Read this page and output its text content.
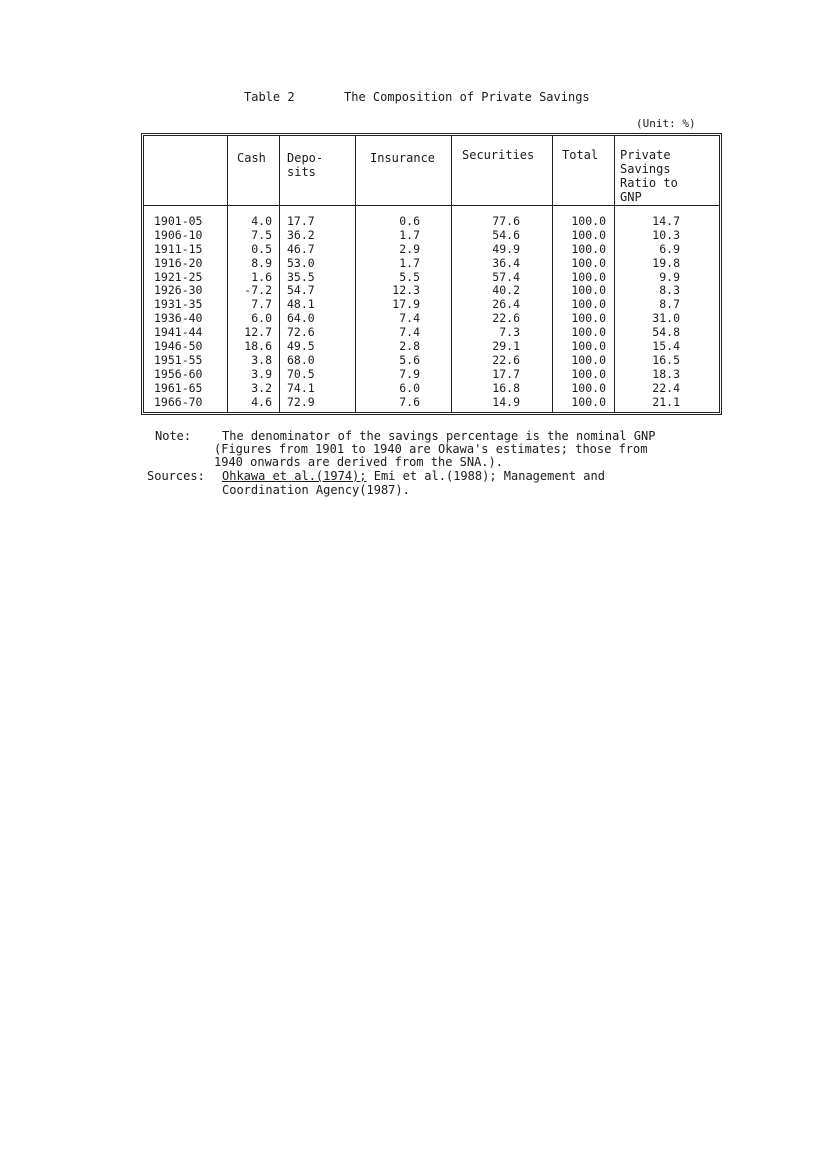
Table 2	The Composition of Private Savings
(Unit: %)
Cash Depo-
sits
Insurance Securities Total Private
Savings
Ratio to
GNP
1901-05
1906-10
1911-15
1916-20
1921-25
1926-30
1931-35
1936-40
1941-44
1946-50
1951-55
1956-60
1961-65
1966-70
4.0
7.5
0.5
8.9
1.6
-7.2
7.7
6.0
12.7
18.6
3.8
3.9
3.2
4.6
17.7
36.2
46.7
53.0
35.5
54.7
48.1
64.0
72.6
49.5
68.0
70.5
74.1
72.9
0.6
1.7
2.9
1.7
5.5
12.3
17.9
7.4
7.4
2.8
5.6
7.9
6.0
7.6
77.6
54.6
49.9
36.4
57.4
40.2
26.4
22.6
7.3
29.1
22.6
17.7
16.8
14.9
100.0
100.0
100.0
100.0
100.0
100.0
100.0
100.0
100.0
100.0
100.0
100.0
100.0
100.0
14.7
10.3
6.9
19.8
9.9
8.3
8.7
31.0
54.8
15.4
16.5
18.3
22.4
21.1
Note:	The denominator of the savings percentage is the nominal GNP
(Figures from 1901 to 1940 are Okawa's estimates; those from
1940 onwards are derived from the SNA.).
Sources: Ohkawa et al.(1974); Emi et al.(1988); Management and
Coordination Agency(1987).
